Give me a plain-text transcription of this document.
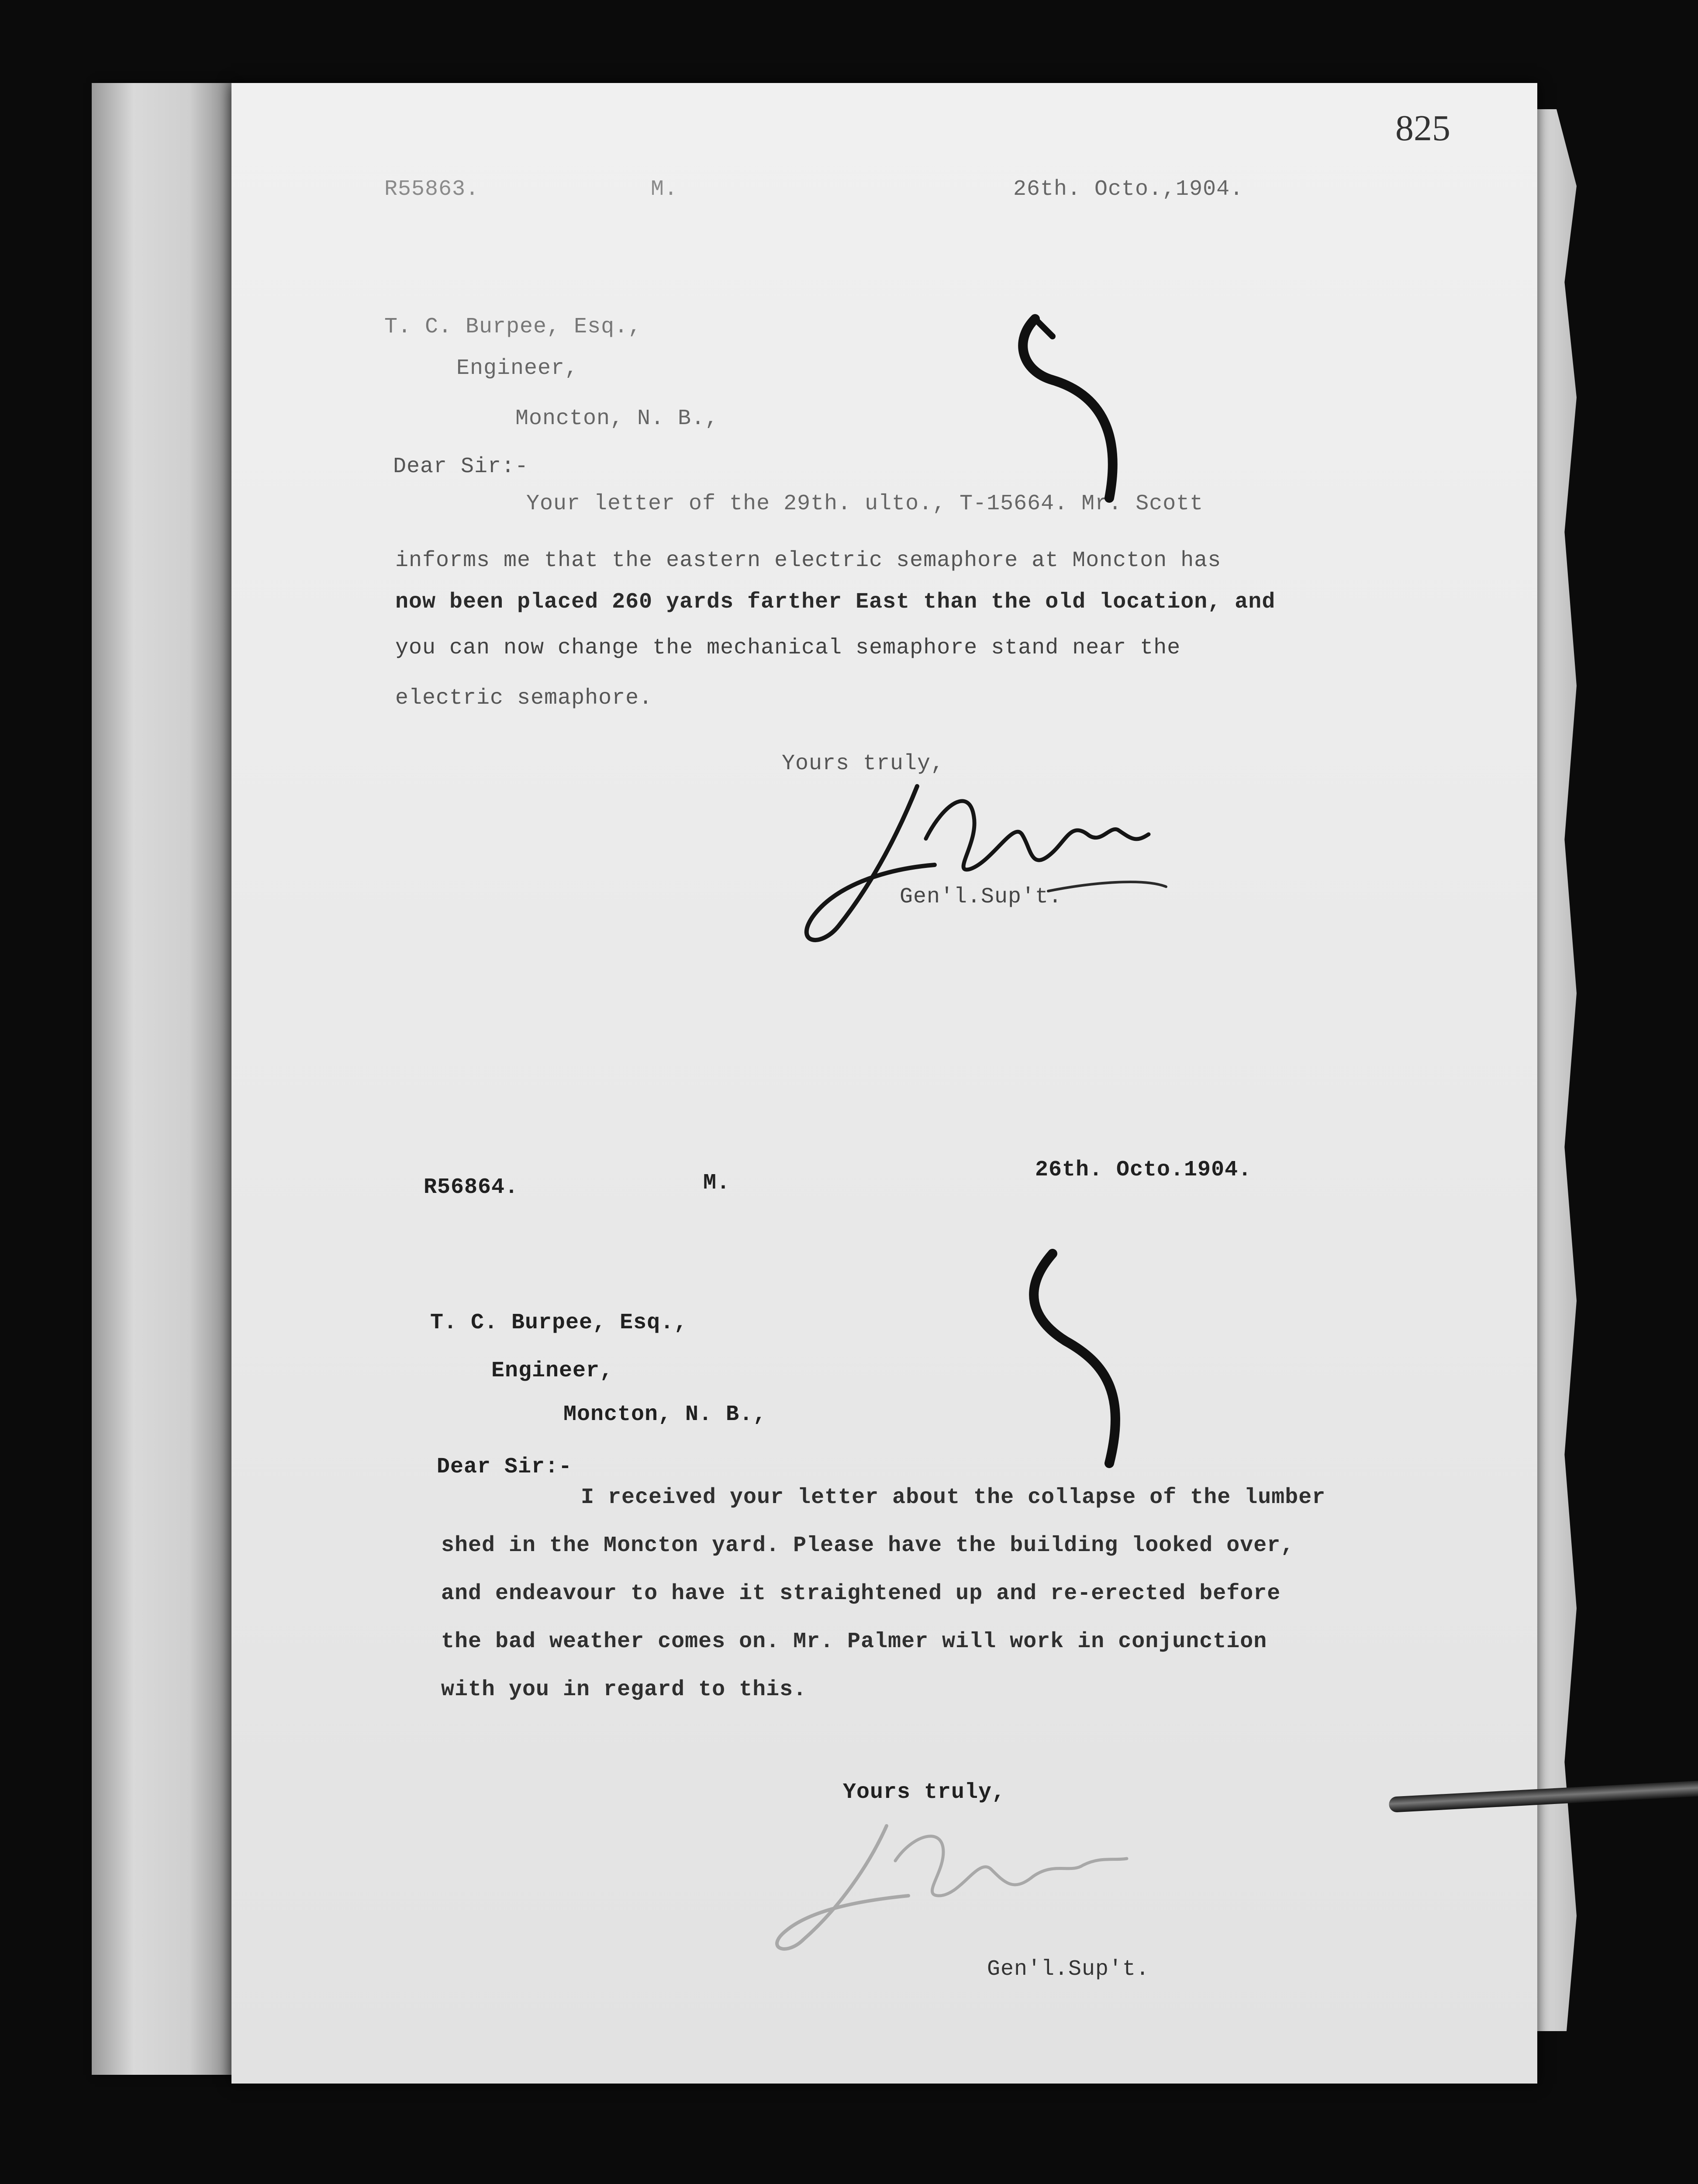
825
R55863.	M.	26th. Octo.,1904.
T. C. Burpee, Esq.,
Engineer,
Moncton, N. B.,
Dear Sir:-
Your letter of the 29th. ulto., T-15664. Mr. Scott
informs me that the eastern electric semaphore at Moncton has
now been placed 260 yards farther East than the old location, and
you can now change the mechanical semaphore stand near the
electric semaphore.
Yours truly,
Gen'l.Sup't.
R56864.	M.
26th. Octo.1904.
T. C. Burpee, Esq.,
Engineer,
Moncton, N. B.,
Dear Sir:-
I received your letter about the collapse of the lumber
shed in the Moncton yard. Please have the building looked over,
and endeavour to have it straightened up and re-erected before
the bad weather comes on. Mr. Palmer will work in conjunction
with you in regard to this.
Yours truly,
Gen'l.Sup't.
